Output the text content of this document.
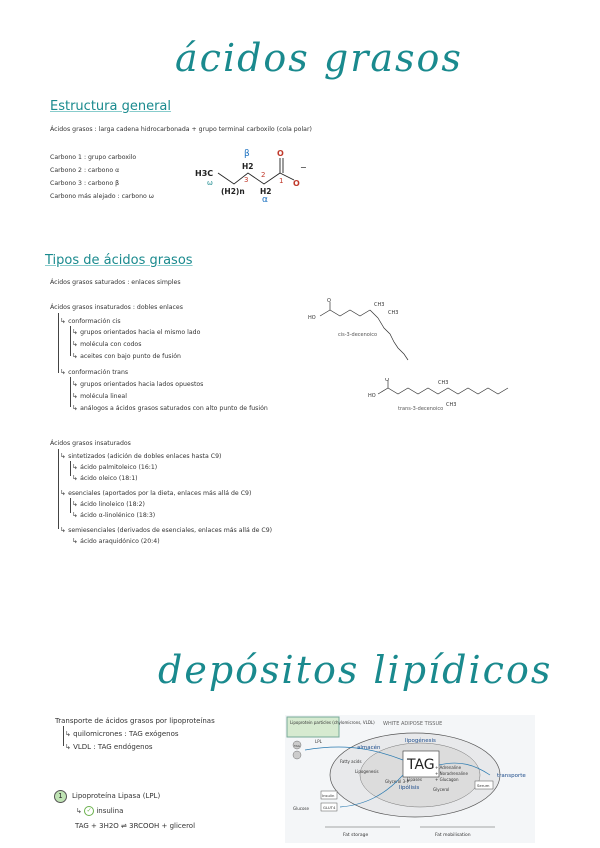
ácidos grasos
Estructura general
Ácidos grasos : larga cadena hidrocarbonada + grupo terminal carboxilo (cola polar)
Carbono 1 : grupo carboxilo
Carbono 2 : carbono α
Carbono 3 : carbono β
Carbono más alejado : carbono ω
H3C
ω
H2
(H2)n H2
β
α
3
2
1
O
O
−
Tipos de ácidos grasos
Ácidos grasos saturados : enlaces simples
Ácidos grasos insaturados : dobles enlaces
↳ conformación cis
↳ grupos orientados hacia el mismo lado
↳ molécula con codos
↳ aceites con bajo punto de fusión
↳ conformación trans
↳ grupos orientados hacia lados opuestos
↳ molécula lineal
↳ análogos a ácidos grasos saturados con alto punto de fusión
HO
O
CH3
CH3
cis-3-decenoico
HO
O	CH3
CH3
trans-3-decenoico
Ácidos grasos insaturados
↳ sintetizados (adición de dobles enlaces hasta C9)
↳ ácido palmitoleico (16:1)
↳ ácido oleico (18:1)
↳ esenciales (aportados por la dieta, enlaces más allá de C9)
↳ ácido linoleico (18:2)
↳ ácido α-linolénico (18:3)
↳ semiesenciales (derivados de esenciales, enlaces más allá de C9)
↳ ácido araquidónico (20:4)
depósitos lipídicos
Transporte de ácidos grasos por lipoproteínas
↳ quilomicrones : TAG exógenos
↳ VLDL : TAG endógenos
1	Lipoproteína Lipasa (LPL)
↳ ✓ insulina
TAG + 3H2O ⇌ 3RCOOH + glicerol
Lipoprotein particles (chylomicrons, VLDL) WHITE ADIPOSE TISSUE
TAG
lipogénesis
lipólisis
almacén
transporte
Glucose	GLUT4
Insulin
Fatty acids
Lipogenesis
Glycerol 3-P
Lipases
+ Adrenaline
+ Noradrenaline
+ Glucagon
Glycerol
Serum
LPL
TAG
Fat storage	Fat mobilisation
